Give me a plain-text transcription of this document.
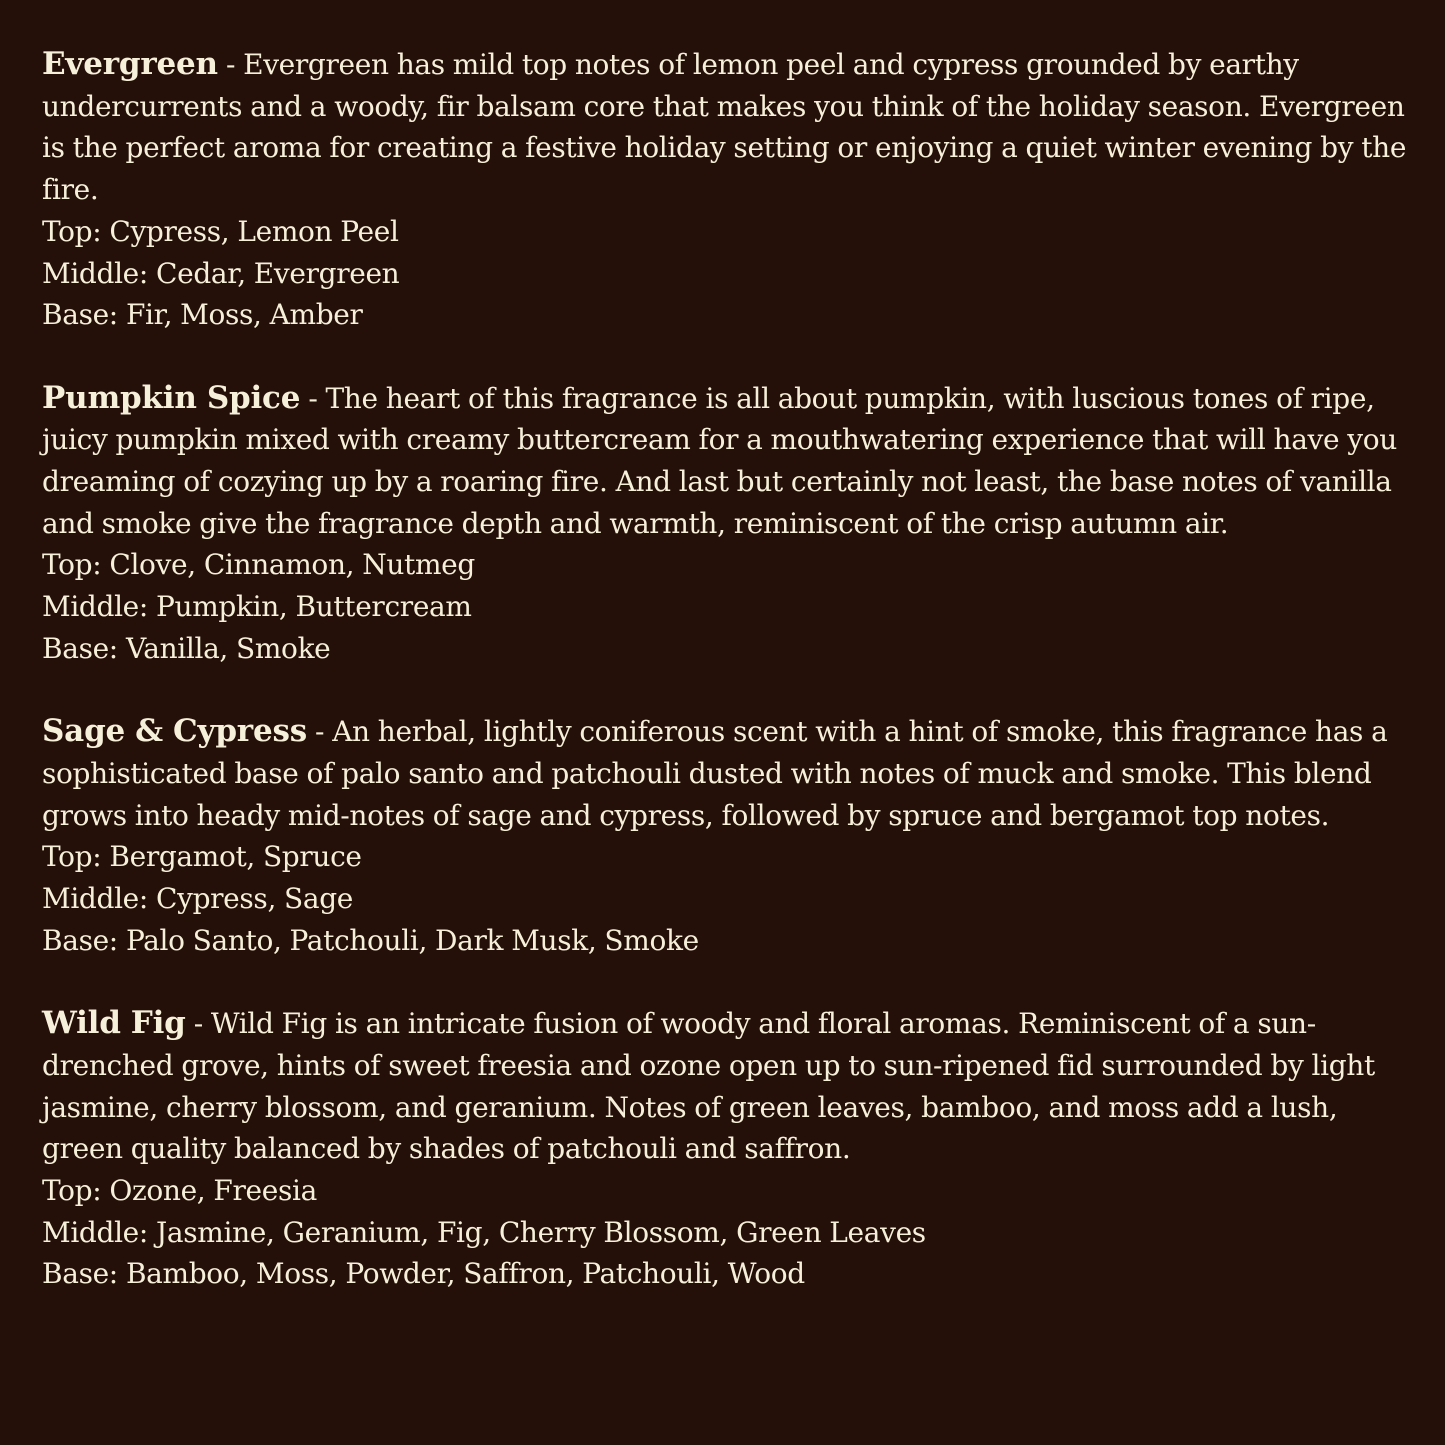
Evergreen - Evergreen has mild top notes of lemon peel and cypress grounded by earthy undercurrents and a woody, fir balsam core that makes you think of the holiday season. Evergreen is the perfect aroma for creating a festive holiday setting or enjoying a quiet winter evening by the fire.

Top: Cypress, Lemon Peel

Middle: Cedar, Evergreen

Base: Fir, Moss, Amber

Pumpkin Spice - The heart of this fragrance is all about pumpkin, with luscious tones of ripe, juicy pumpkin mixed with creamy buttercream for a mouthwatering experience that will have you dreaming of cozying up by a roaring fire. And last but certainly not least, the base notes of vanilla and smoke give the fragrance depth and warmth, reminiscent of the crisp autumn air.

Top: Clove, Cinnamon, Nutmeg

Middle: Pumpkin, Buttercream

Base: Vanilla, Smoke

Sage & Cypress - An herbal, lightly coniferous scent with a hint of smoke, this fragrance has a sophisticated base of palo santo and patchouli dusted with notes of muck and smoke. This blend grows into heady mid-notes of sage and cypress, followed by spruce and bergamot top notes.

Top: Bergamot, Spruce

Middle: Cypress, Sage

Base: Palo Santo, Patchouli, Dark Musk, Smoke

Wild Fig - Wild Fig is an intricate fusion of woody and floral aromas. Reminiscent of a sun-drenched grove, hints of sweet freesia and ozone open up to sun-ripened fid surrounded by light jasmine, cherry blossom, and geranium. Notes of green leaves, bamboo, and moss add a lush, green quality balanced by shades of patchouli and saffron.

Top: Ozone, Freesia

Middle: Jasmine, Geranium, Fig, Cherry Blossom, Green Leaves

Base: Bamboo, Moss, Powder, Saffron, Patchouli, Wood
